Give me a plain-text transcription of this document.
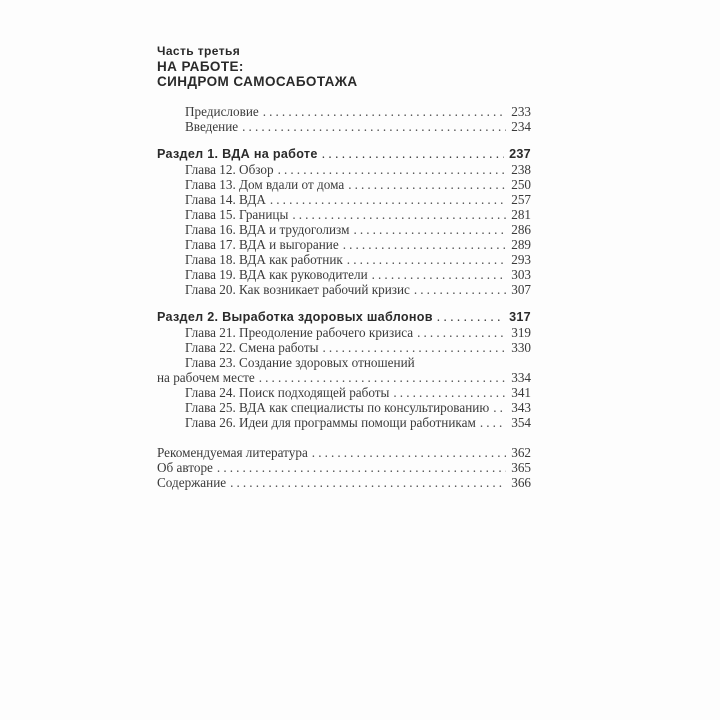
Часть третья
НА РАБОТЕ:
СИНДРОМ САМОСАБОТАЖА
Предисловие .....	233
Введение .....	234
Раздел 1. ВДА на работе .....	237
Глава 12. Обзор .....	238
Глава 13. Дом вдали от дома .....	250
Глава 14. ВДА .....	257
Глава 15. Границы .....	281
Глава 16. ВДА и трудоголизм .....	286
Глава 17. ВДА и выгорание .....	289
Глава 18. ВДА как работник .....	293
Глава 19. ВДА как руководители .....	303
Глава 20. Как возникает рабочий кризис .....	307
Раздел 2. Выработка здоровых шаблонов .....	317
Глава 21. Преодоление рабочего кризиса .....	319
Глава 22. Смена работы .....	330
Глава 23. Создание здоровых отношений
на рабочем месте .....	334
Глава 24. Поиск подходящей работы .....	341
Глава 25. ВДА как специалисты по консультированию ..... 343
Глава 26. Идеи для программы помощи работникам .....	354
Рекомендуемая литература .....	362
Об авторе .....	365
Содержание .....	366
